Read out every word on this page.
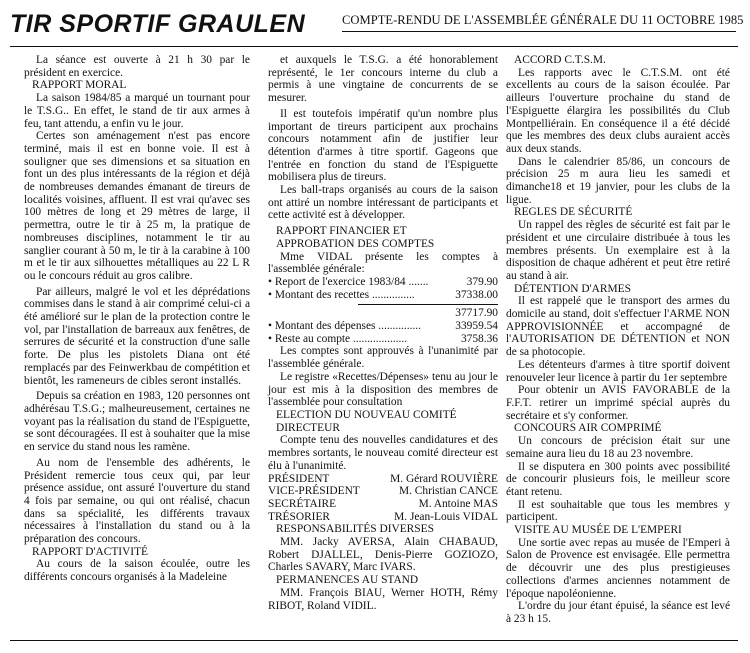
TIR SPORTIF GRAULEN	COMPTE-RENDU DE L'ASSEMBLÉE GÉNÉRALE DU 11 OCTOBRE 1985

La séance est ouverte à 21 h 30 par le président en exercice.

RAPPORT MORAL

La saison 1984/85 a marqué un tournant pour le T.S.G.. En effet, le stand de tir aux armes à feu, tant attendu, a enfin vu le jour.

Certes son aménagement n'est pas encore terminé, mais il est en bonne voie. Il est à souligner que ses dimensions et sa situation en font un des plus intéressants de la région et déjà de nombreuses demandes émanant de tireurs de localités voisines, affluent. Il est vrai qu'avec ses 100 mètres de long et 29 mètres de large, il permettra, outre le tir à 25 m, la pratique de nombreuses disciplines, notamment le tir au sanglier courant à 50 m, le tir à la carabine à 100 m et le tir aux silhouettes métalliques au 22 L R ou le concours réduit au gros calibre.

Par ailleurs, malgré le vol et les déprédations commises dans le stand à air comprimé celui-ci a été amélioré sur le plan de la protection contre le vol, par l'installation de barreaux aux fenêtres, de serrures de sécurité et la construction d'une salle forte. De plus les pistolets Diana ont été remplacés par des Feinwerkbau de compétition et bientôt, les rameneurs de cibles seront installés.

Depuis sa création en 1983, 120 personnes ont adhérésau T.S.G.; malheureusement, certaines ne voyant pas la réalisation du stand de l'Espiguette, se sont découragées. Il est à souhaiter que la mise en service du stand nous les ramène.

Au nom de l'ensemble des adhérents, le Président remercie tous ceux qui, par leur présence assidue, ont assuré l'ouverture du stand 4 fois par semaine, ou qui ont réalisé, chacun dans sa spécialité, les différents travaux nécessaires à l'installation du stand ou à la préparation des concours.

RAPPORT D'ACTIVITÉ

Au cours de la saison écoulée, outre les différents concours organisés à la Madeleine

et auxquels le T.S.G. a été honorablement représenté, le 1er concours interne du club a permis à une vingtaine de concurrents de se mesurer.

Il est toutefois impératif qu'un nombre plus important de tireurs participent aux prochains concours notamment afin de justifier leur détention d'armes à titre sportif. Gageons que l'entrée en fonction du stand de l'Espiguette mobilisera plus de tireurs.

Les ball-traps organisés au cours de la saison ont attiré un nombre intéressant de participants et cette activité est à développer.

RAPPORT FINANCIER ET

APPROBATION DES COMPTES

Mme VIDAL présente les comptes à l'assemblée générale:

• Report de l'exercice 1983/84 .......	379.90
• Montant des recettes ...............	37338.00
37717.90
• Montant des dépenses ...............	33959.54
• Reste au compte ...................	3758.36

Les comptes sont approuvés à l'unanimité par l'assemblée générale.

Le registre «Recettes/Dépenses» tenu au jour le jour est mis à la disposition des membres de l'assemblée pour consultation

ELECTION DU NOUVEAU COMITÉ

DIRECTEUR

Compte tenu des nouvelles candidatures et des membres sortants, le nouveau comité directeur est élu à l'unanimité.

PRÉSIDENT	M. Gérard ROUVIÈRE
VICE-PRÉSIDENT	M. Christian CANCE
SECRÉTAIRE	M. Antoine MAS
TRÉSORIER	M. Jean-Louis VIDAL

RESPONSABILITÉS DIVERSES

MM. Jacky AVERSA, Alain CHABAUD, Robert DJALLEL, Denis-Pierre GOZIOZO, Charles SAVARY, Marc IVARS.

PERMANENCES AU STAND

MM. François BIAU, Werner HOTH, Rémy RIBOT, Roland VIDIL.

ACCORD C.T.S.M.

Les rapports avec le C.T.S.M. ont été excellents au cours de la saison écoulée. Par ailleurs l'ouverture prochaine du stand de l'Espiguette élargira les possibilités du Club Montpelliérain. En conséquence il a été décidé que les membres des deux clubs auraient accès aux deux stands.

Dans le calendrier 85/86, un concours de précision 25 m aura lieu les samedi et dimanche18 et 19 janvier, pour les clubs de la ligue.

REGLES DE SÉCURITÉ

Un rappel des règles de sécurité est fait par le président et une circulaire distribuée à tous les membres présents. Un exemplaire est à la disposition de chaque adhérent et peut être retiré au stand à air.

DÉTENTION D'ARMES

Il est rappelé que le transport des armes du domicile au stand, doit s'effectuer l'ARME NON APPROVISIONNÉE et accompagné de l'AUTORISATION DE DÉTENTION et NON de sa photocopie.

Les détenteurs d'armes à titre sportif doivent renouveler leur licence à partir du 1er septembre

Pour obtenir un AVIS FAVORABLE de la F.F.T. retirer un imprimé spécial auprès du secrétaire et s'y conformer.

CONCOURS AIR COMPRIMÉ

Un concours de précision était sur une semaine aura lieu du 18 au 23 novembre.

Il se disputera en 300 points avec possibilité de concourir plusieurs fois, le meilleur score étant retenu.

Il est souhaitable que tous les membres y participent.

VISITE AU MUSÉE DE L'EMPERI

Une sortie avec repas au musée de l'Emperi à Salon de Provence est envisagée. Elle permettra de découvrir une des plus prestigieuses collections d'armes anciennes notamment de l'époque napoléonienne.

L'ordre du jour étant épuisé, la séance est levé à 23 h 15.
